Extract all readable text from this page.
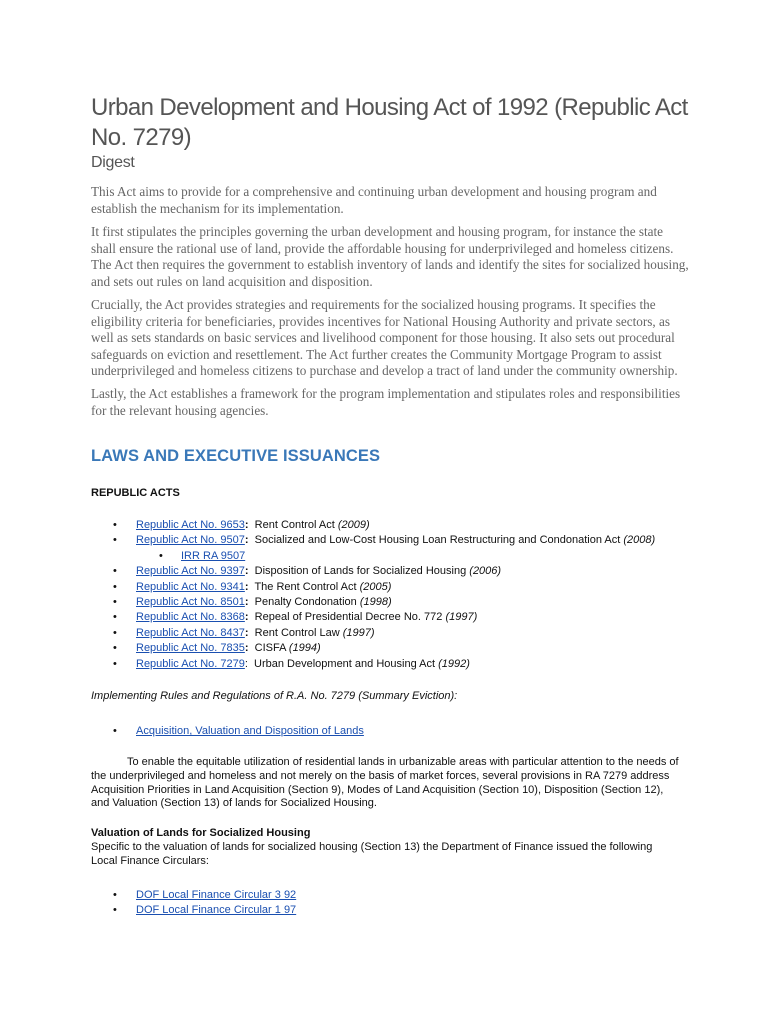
Urban Development and Housing Act of 1992 (Republic Act No. 7279)
Digest

This Act aims to provide for a comprehensive and continuing urban development and housing program and establish the mechanism for its implementation.

It first stipulates the principles governing the urban development and housing program, for instance the state shall ensure the rational use of land, provide the affordable housing for underprivileged and homeless citizens. The Act then requires the government to establish inventory of lands and identify the sites for socialized housing, and sets out rules on land acquisition and disposition.

Crucially, the Act provides strategies and requirements for the socialized housing programs. It specifies the eligibility criteria for beneficiaries, provides incentives for National Housing Authority and private sectors, as well as sets standards on basic services and livelihood component for those housing. It also sets out procedural safeguards on eviction and resettlement. The Act further creates the Community Mortgage Program to assist underprivileged and homeless citizens to purchase and develop a tract of land under the community ownership.

Lastly, the Act establishes a framework for the program implementation and stipulates roles and responsibilities for the relevant housing agencies.

LAWS AND EXECUTIVE ISSUANCES
REPUBLIC ACTS
• Republic Act No. 9653: Rent Control Act (2009)
• Republic Act No. 9507: Socialized and Low-Cost Housing Loan Restructuring and Condonation Act (2008)
• IRR RA 9507
• Republic Act No. 9397: Disposition of Lands for Socialized Housing (2006)
• Republic Act No. 9341: The Rent Control Act (2005)
• Republic Act No. 8501: Penalty Condonation (1998)
• Republic Act No. 8368: Repeal of Presidential Decree No. 772 (1997)
• Republic Act No. 8437: Rent Control Law (1997)
• Republic Act No. 7835: CISFA (1994)
• Republic Act No. 7279:  Urban Development and Housing Act (1992)

Implementing Rules and Regulations of R.A. No. 7279 (Summary Eviction):

• Acquisition, Valuation and Disposition of Lands

To enable the equitable utilization of residential lands in urbanizable areas with particular attention to the needs of the underprivileged and homeless and not merely on the basis of market forces, several provisions in RA 7279 address Acquisition Priorities in Land Acquisition (Section 9), Modes of Land Acquisition (Section 10), Disposition (Section 12), and Valuation (Section 13) of lands for Socialized Housing.

Valuation of Lands for Socialized Housing
Specific to the valuation of lands for socialized housing (Section 13) the Department of Finance issued the following Local Finance Circulars:

• DOF Local Finance Circular 3 92
• DOF Local Finance Circular 1 97
